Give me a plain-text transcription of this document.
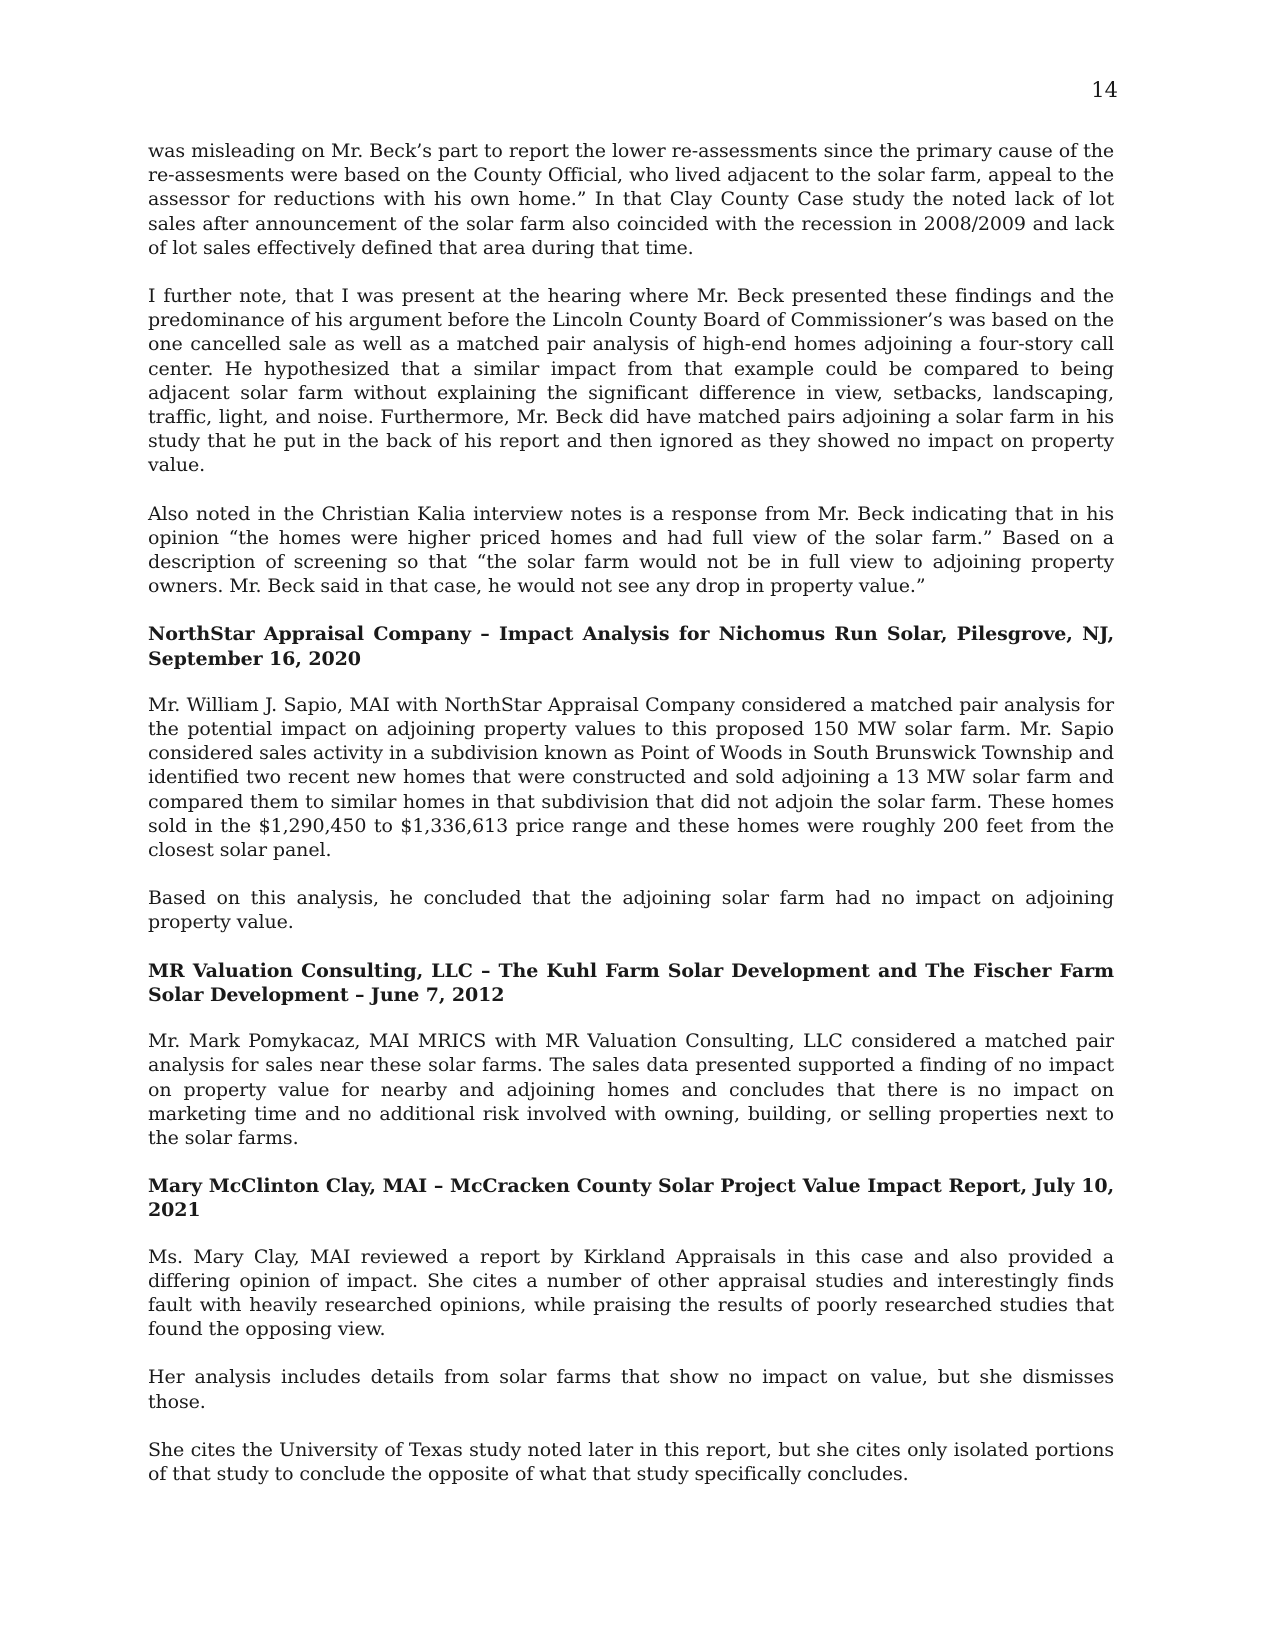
14

was misleading on Mr. Beck’s part to report the lower re-assessments since the primary cause of the re-assesments were based on the County Official, who lived adjacent to the solar farm, appeal to the assessor for reductions with his own home.” In that Clay County Case study the noted lack of lot sales after announcement of the solar farm also coincided with the recession in 2008/2009 and lack of lot sales effectively defined that area during that time.

I further note, that I was present at the hearing where Mr. Beck presented these findings and the predominance of his argument before the Lincoln County Board of Commissioner’s was based on the one cancelled sale as well as a matched pair analysis of high-end homes adjoining a four-story call center. He hypothesized that a similar impact from that example could be compared to being adjacent solar farm without explaining the significant difference in view, setbacks, landscaping, traffic, light, and noise. Furthermore, Mr. Beck did have matched pairs adjoining a solar farm in his study that he put in the back of his report and then ignored as they showed no impact on property value.

Also noted in the Christian Kalia interview notes is a response from Mr. Beck indicating that in his opinion “the homes were higher priced homes and had full view of the solar farm.” Based on a description of screening so that “the solar farm would not be in full view to adjoining property owners. Mr. Beck said in that case, he would not see any drop in property value.”

NorthStar Appraisal Company – Impact Analysis for Nichomus Run Solar, Pilesgrove, NJ, September 16, 2020

Mr. William J. Sapio, MAI with NorthStar Appraisal Company considered a matched pair analysis for the potential impact on adjoining property values to this proposed 150 MW solar farm. Mr. Sapio considered sales activity in a subdivision known as Point of Woods in South Brunswick Township and identified two recent new homes that were constructed and sold adjoining a 13 MW solar farm and compared them to similar homes in that subdivision that did not adjoin the solar farm. These homes sold in the $1,290,450 to $1,336,613 price range and these homes were roughly 200 feet from the closest solar panel.

Based on this analysis, he concluded that the adjoining solar farm had no impact on adjoining property value.

MR Valuation Consulting, LLC – The Kuhl Farm Solar Development and The Fischer Farm Solar Development – June 7, 2012

Mr. Mark Pomykacaz, MAI MRICS with MR Valuation Consulting, LLC considered a matched pair analysis for sales near these solar farms. The sales data presented supported a finding of no impact on property value for nearby and adjoining homes and concludes that there is no impact on marketing time and no additional risk involved with owning, building, or selling properties next to the solar farms.

Mary McClinton Clay, MAI – McCracken County Solar Project Value Impact Report, July 10, 2021

Ms. Mary Clay, MAI reviewed a report by Kirkland Appraisals in this case and also provided a differing opinion of impact. She cites a number of other appraisal studies and interestingly finds fault with heavily researched opinions, while praising the results of poorly researched studies that found the opposing view.

Her analysis includes details from solar farms that show no impact on value, but she dismisses those.

She cites the University of Texas study noted later in this report, but she cites only isolated portions of that study to conclude the opposite of what that study specifically concludes.
